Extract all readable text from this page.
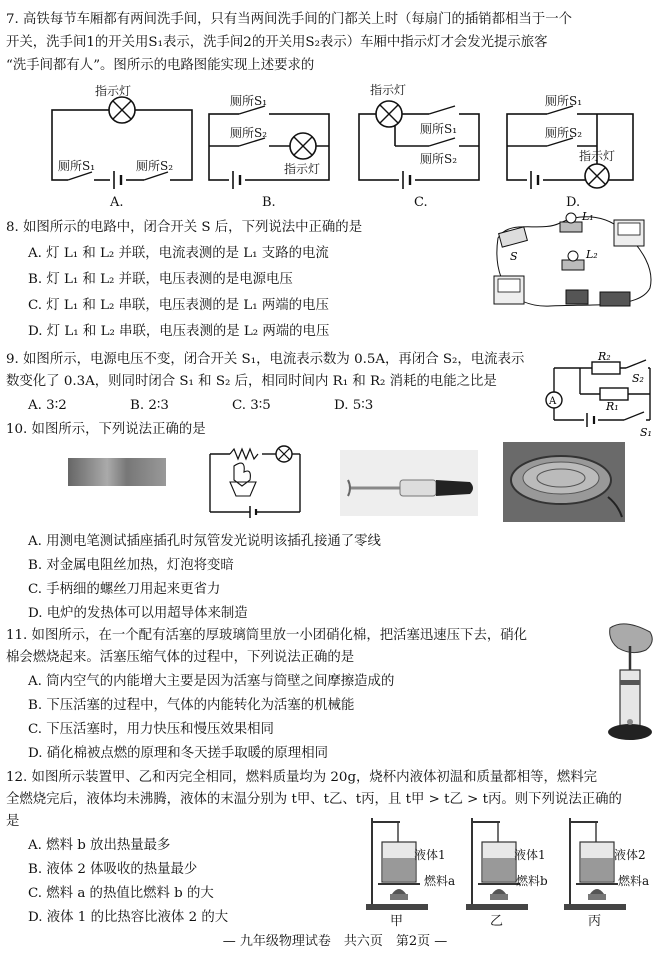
7. 高铁每节车厢都有两间洗手间，只有当两间洗手间的门都关上时（每扇门的插销都相当于一个
开关，洗手间1的开关用S₁表示，洗手间2的开关用S₂表示）车厢中指示灯才会发光提示旅客
“洗手间都有人”。图所示的电路图能实现上述要求的
指示灯
厕所S₁	厕所S₂
A.
厕所S₁
厕所S₂
指示灯
B.
指示灯
厕所S₁
厕所S₂
C.
厕所S₁
厕所S₂
指示灯
D.
8. 如图所示的电路中，闭合开关 S 后，下列说法中正确的是
A. 灯 L₁ 和 L₂ 并联，电流表测的是 L₁ 支路的电流
B. 灯 L₁ 和 L₂ 并联，电压表测的是电源电压
C. 灯 L₁ 和 L₂ 串联，电压表测的是 L₁ 两端的电压
D. 灯 L₁ 和 L₂ 串联，电压表测的是 L₂ 两端的电压
S
L₁
L₂
9. 如图所示，电源电压不变，闭合开关 S₁，电流表示数为 0.5A，再闭合 S₂，电流表示
数变化了 0.3A，则同时闭合 S₁ 和 S₂ 后，相同时间内 R₁ 和 R₂ 消耗的电能之比是
A. 3∶2	B. 2∶3	C. 3∶5	D. 5∶3	A
R₂
S₂
R₁
S₁
10. 如图所示，下列说法正确的是
A. 用测电笔测试插座插孔时氖管发光说明该插孔接通了零线
B. 对金属电阻丝加热，灯泡将变暗
C. 手柄细的螺丝刀用起来更省力
D. 电炉的发热体可以用超导体来制造
11. 如图所示，在一个配有活塞的厚玻璃筒里放一小团硝化棉，把活塞迅速压下去，硝化
棉会燃烧起来。活塞压缩气体的过程中，下列说法正确的是
A. 筒内空气的内能增大主要是因为活塞与筒壁之间摩擦造成的
B. 下压活塞的过程中，气体的内能转化为活塞的机械能
C. 下压活塞时，用力快压和慢压效果相同
D. 硝化棉被点燃的原理和冬天搓手取暖的原理相同
12. 如图所示装置甲、乙和丙完全相同，燃料质量均为 20g，烧杯内液体初温和质量都相等，燃料完
全燃烧完后，液体均未沸腾，液体的末温分别为 t甲、t乙、t丙，且 t甲 > t乙 > t丙。则下列说法正确的
是
A. 燃料 b 放出热量最多
B. 液体 2 体吸收的热量最少
C. 燃料 a 的热值比燃料 b 的大
D. 液体 1 的比热容比液体 2 的大
液体1
燃料a
甲
液体1
燃料b
乙
液体2
燃料a
丙
— 九年级物理试卷　共六页　第2页 —
